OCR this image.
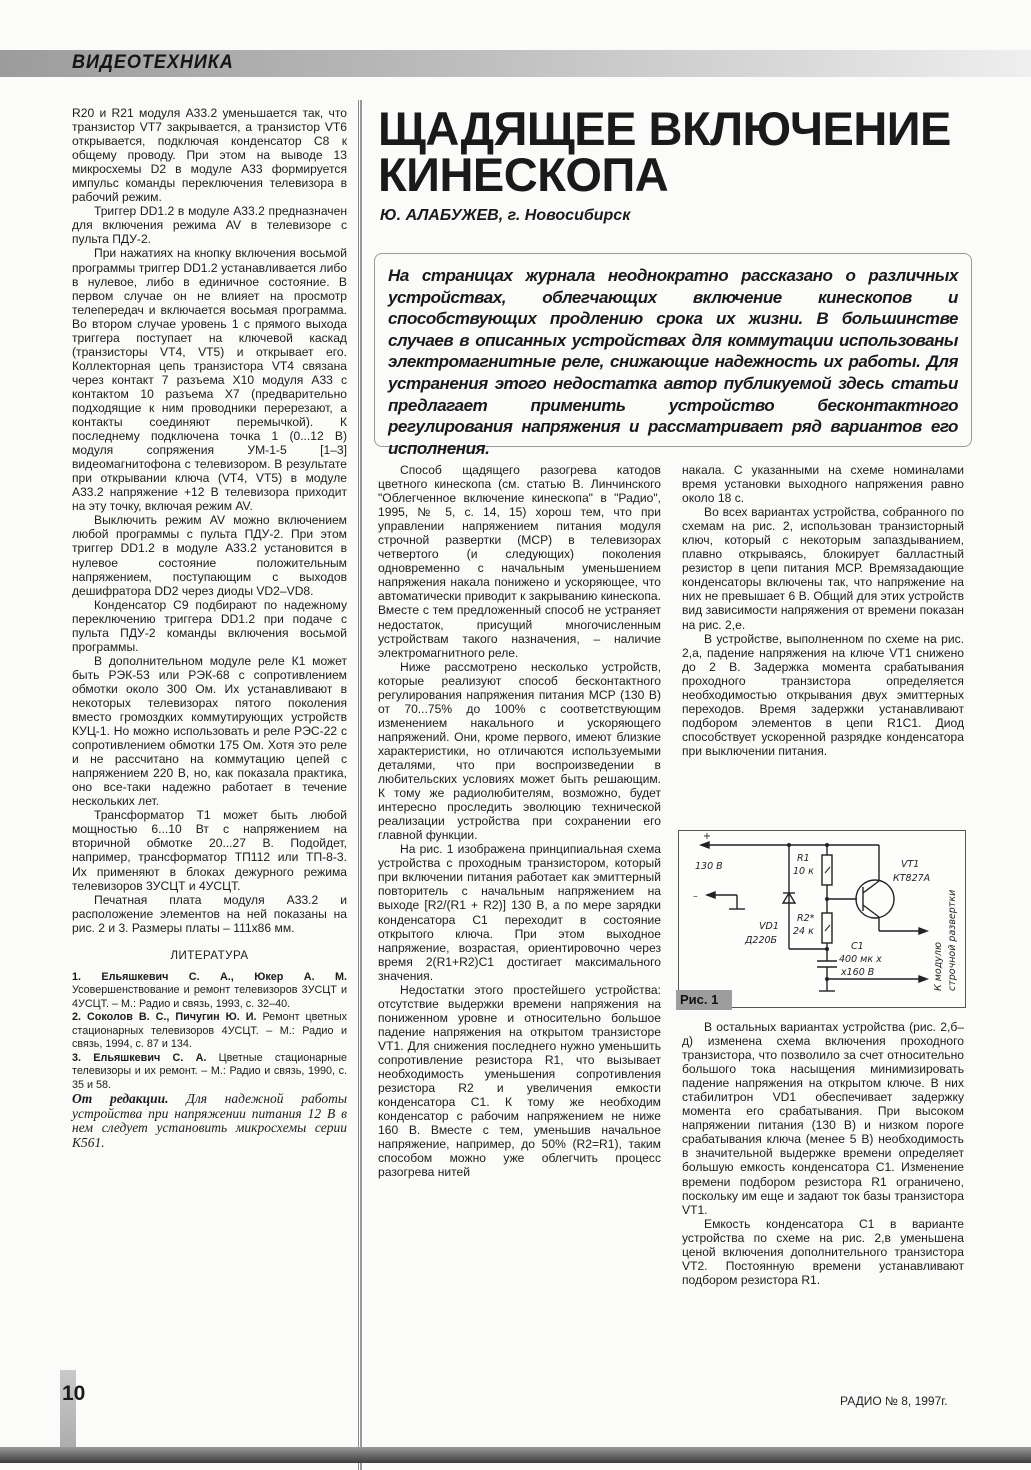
ВИДЕОТЕХНИКА

R20 и R21 модуля А33.2 уменьшается так, что транзистор VT7 закрывается, а транзистор VT6 открывается, подключая конденсатор С8 к общему проводу. При этом на выводе 13 микросхемы D2 в модуле А33 формируется импульс команды переключения телевизора в рабочий режим.

Триггер DD1.2 в модуле А33.2 предназначен для включения режима AV в телевизоре с пульта ПДУ-2.

При нажатиях на кнопку включения восьмой программы триггер DD1.2 устанавливается либо в нулевое, либо в единичное состояние. В первом случае он не влияет на просмотр телепередач и включается восьмая программа. Во втором случае уровень 1 с прямого выхода триггера поступает на ключевой каскад (транзисторы VT4, VT5) и открывает его. Коллекторная цепь транзистора VT4 связана через контакт 7 разъема X10 модуля А33 с контактом 10 разъема X7 (предварительно подходящие к ним проводники перерезают, а контакты соединяют перемычкой). К последнему подключена точка 1 (0...12 В) модуля сопряжения УМ-1-5 [1–3] видеомагнитофона с телевизором. В результате при открывании ключа (VT4, VT5) в модуле А33.2 напряжение +12 В телевизора приходит на эту точку, включая режим AV.

Выключить режим AV можно включением любой программы с пульта ПДУ-2. При этом триггер DD1.2 в модуле А33.2 установится в нулевое состояние положительным напряжением, поступающим с выходов дешифратора DD2 через диоды VD2–VD8.

Конденсатор С9 подбирают по надежному переключению триггера DD1.2 при подаче с пульта ПДУ-2 команды включения восьмой программы.

В дополнительном модуле реле К1 может быть РЭК-53 или РЭК-68 с сопротивлением обмотки около 300 Ом. Их устанавливают в некоторых телевизорах пятого поколения вместо громоздких коммутирующих устройств КУЦ-1. Но можно использовать и реле РЭС-22 с сопротивлением обмотки 175 Ом. Хотя это реле и не рассчитано на коммутацию цепей с напряжением 220 В, но, как показала практика, оно все-таки надежно работает в течение нескольких лет.

Трансформатор Т1 может быть любой мощностью 6...10 Вт с напряжением на вторичной обмотке 20...27 В. Подойдет, например, трансформатор ТП112 или ТП-8-3. Их применяют в блоках дежурного режима телевизоров 3УСЦТ и 4УСЦТ.

Печатная плата модуля А33.2 и расположение элементов на ней показаны на рис. 2 и 3. Размеры платы – 111x86 мм.

ЛИТЕРАТУРА

1. Ельяшкевич С. А., Юкер А. М. Усовершенствование и ремонт телевизоров 3УСЦТ и 4УСЦТ. – М.: Радио и связь, 1993, с. 32–40.

2. Соколов В. С., Пичугин Ю. И. Ремонт цветных стационарных телевизоров 4УСЦТ. – М.: Радио и связь, 1994, с. 87 и 134.

3. Ельяшкевич С. А. Цветные стационарные телевизоры и их ремонт. – М.: Радио и связь, 1990, с. 35 и 58.

От редакции. Для надежной работы устройства при напряжении питания 12 В в нем следует установить микросхемы серии К561.

ЩАДЯЩЕЕ ВКЛЮЧЕНИЕ
КИНЕСКОПА
Ю. АЛАБУЖЕВ, г. Новосибирск
На страницах журнала неоднократно рассказано о различных устройствах, облегчающих включение кинескопов и способствующих продлению срока их жизни. В большинстве случаев в описанных устройствах для коммутации использованы электромагнитные реле, снижающие надежность их работы. Для устранения этого недостатка автор публикуемой здесь статьи предлагает применить устройство бесконтактного регулирования напряжения и рассматривает ряд вариантов его исполнения.

Способ щадящего разогрева катодов цветного кинескопа (см. статью В. Линчинского "Облегченное включение кинескопа" в "Радио", 1995, № 5, с. 14, 15) хорош тем, что при управлении напряжением питания модуля строчной развертки (МСР) в телевизорах четвертого (и следующих) поколения одновременно с начальным уменьшением напряжения накала понижено и ускоряющее, что автоматически приводит к закрыванию кинескопа. Вместе с тем предложенный способ не устраняет недостаток, присущий многочисленным устройствам такого назначения, – наличие электромагнитного реле.

Ниже рассмотрено несколько устройств, которые реализуют способ бесконтактного регулирования напряжения питания МСР (130 В) от 70...75% до 100% с соответствующим изменением накального и ускоряющего напряжений. Они, кроме первого, имеют близкие характеристики, но отличаются используемыми деталями, что при воспроизведении в любительских условиях может быть решающим. К тому же радиолюбителям, возможно, будет интересно проследить эволюцию технической реализации устройства при сохранении его главной функции.

На рис. 1 изображена принципиальная схема устройства с проходным транзистором, который при включении питания работает как эмиттерный повторитель с начальным напряжением на выходе [R2/(R1 + R2)] 130 В, а по мере зарядки конденсатора С1 переходит в состояние открытого ключа. При этом выходное напряжение, возрастая, ориентировочно через время 2(R1+R2)C1 достигает максимального значения.

Недостатки этого простейшего устройства: отсутствие выдержки времени напряжения на пониженном уровне и относительно большое падение напряжения на открытом транзисторе VT1. Для снижения последнего нужно уменьшить сопротивление резистора R1, что вызывает необходимость уменьшения сопротивления резистора R2 и увеличения емкости конденсатора С1. К тому же необходим конденсатор с рабочим напряжением не ниже 160 В. Вместе с тем, уменьшив начальное напряжение, например, до 50% (R2=R1), таким способом можно уже облегчить процесс разогрева нитей

накала. С указанными на схеме номиналами время установки выходного напряжения равно около 18 с.

Во всех вариантах устройства, собранного по схемам на рис. 2, использован транзисторный ключ, который с некоторым запаздыванием, плавно открываясь, блокирует балластный резистор в цепи питания МСР. Времязадающие конденсаторы включены так, что напряжение на них не превышает 6 В. Общий для этих устройств вид зависимости напряжения от времени показан на рис. 2,е.

В устройстве, выполненном по схеме на рис. 2,а, падение напряжения на ключе VT1 снижено до 2 В. Задержка момента срабатывания проходного транзистора определяется необходимостью открывания двух эмиттерных переходов. Время задержки устанавливают подбором элементов в цепи R1C1. Диод способствует ускоренной разрядке конденсатора при выключении питания.

+
130 В
–
R1
10 к
R2*
24 к
VD1
Д220Б
VT1
КТ827А
C1
400 мк х
х160 В	К модулю строчной развертки
Рис. 1

В остальных вариантах устройства (рис. 2,б–д) изменена схема включения проходного транзистора, что позволило за счет относительно большого тока насыщения минимизировать падение напряжения на открытом ключе. В них стабилитрон VD1 обеспечивает задержку момента его срабатывания. При высоком напряжении питания (130 В) и низком пороге срабатывания ключа (менее 5 В) необходимость в значительной выдержке времени определяет большую емкость конденсатора С1. Изменение времени подбором резистора R1 ограничено, поскольку им еще и задают ток базы транзистора VT1.

Емкость конденсатора С1 в варианте устройства по схеме на рис. 2,в уменьшена ценой включения дополнительного транзистора VT2. Постоянную времени устанавливают подбором резистора R1.

10	РАДИО № 8, 1997г.
